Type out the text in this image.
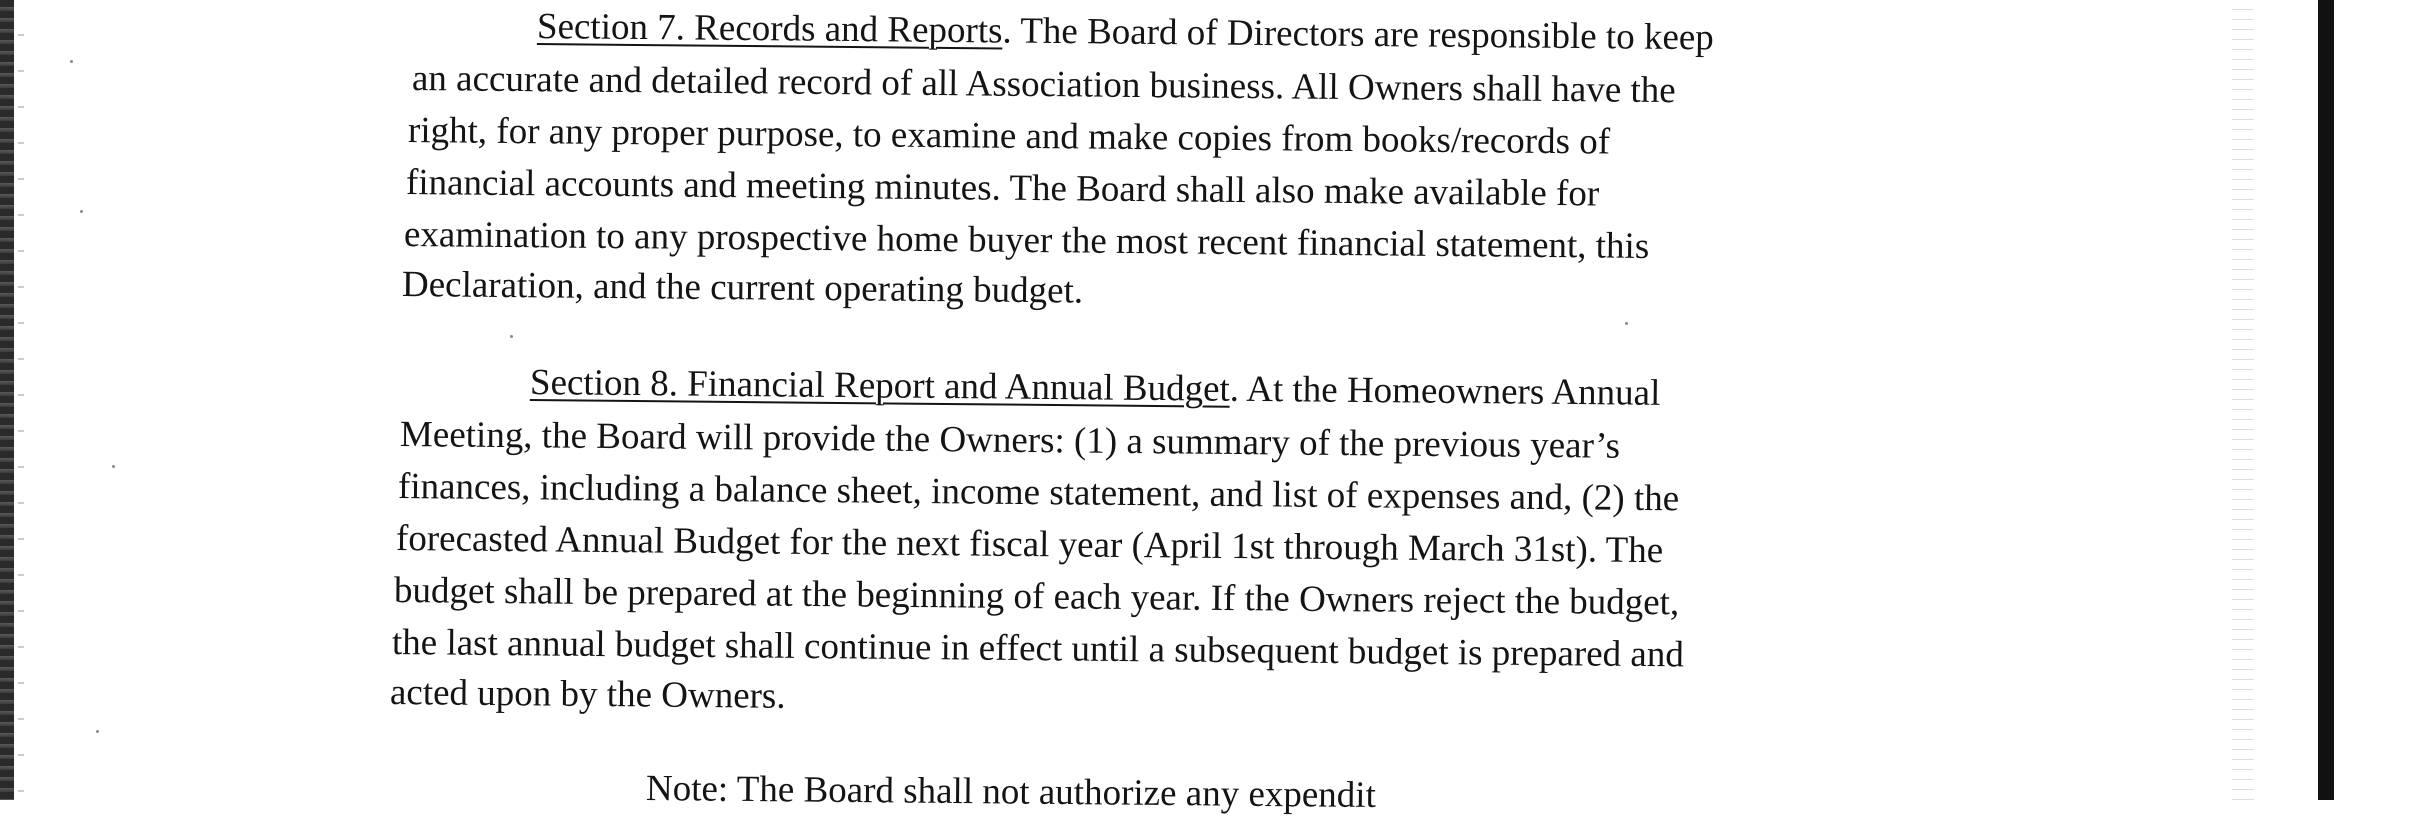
Section 7. Records and Reports. The Board of Directors are responsible to keep
an accurate and detailed record of all Association business. All Owners shall have the
right, for any proper purpose, to examine and make copies from books/records of
financial accounts and meeting minutes. The Board shall also make available for
examination to any prospective home buyer the most recent financial statement, this
Declaration, and the current operating budget.
Section 8. Financial Report and Annual Budget. At the Homeowners Annual
Meeting, the Board will provide the Owners: (1) a summary of the previous year’s
finances, including a balance sheet, income statement, and list of expenses and, (2) the
forecasted Annual Budget for the next fiscal year (April 1st through March 31st). The
budget shall be prepared at the beginning of each year. If the Owners reject the budget,
the last annual budget shall continue in effect until a subsequent budget is prepared and
acted upon by the Owners.
Note: The Board shall not authorize any expendit
